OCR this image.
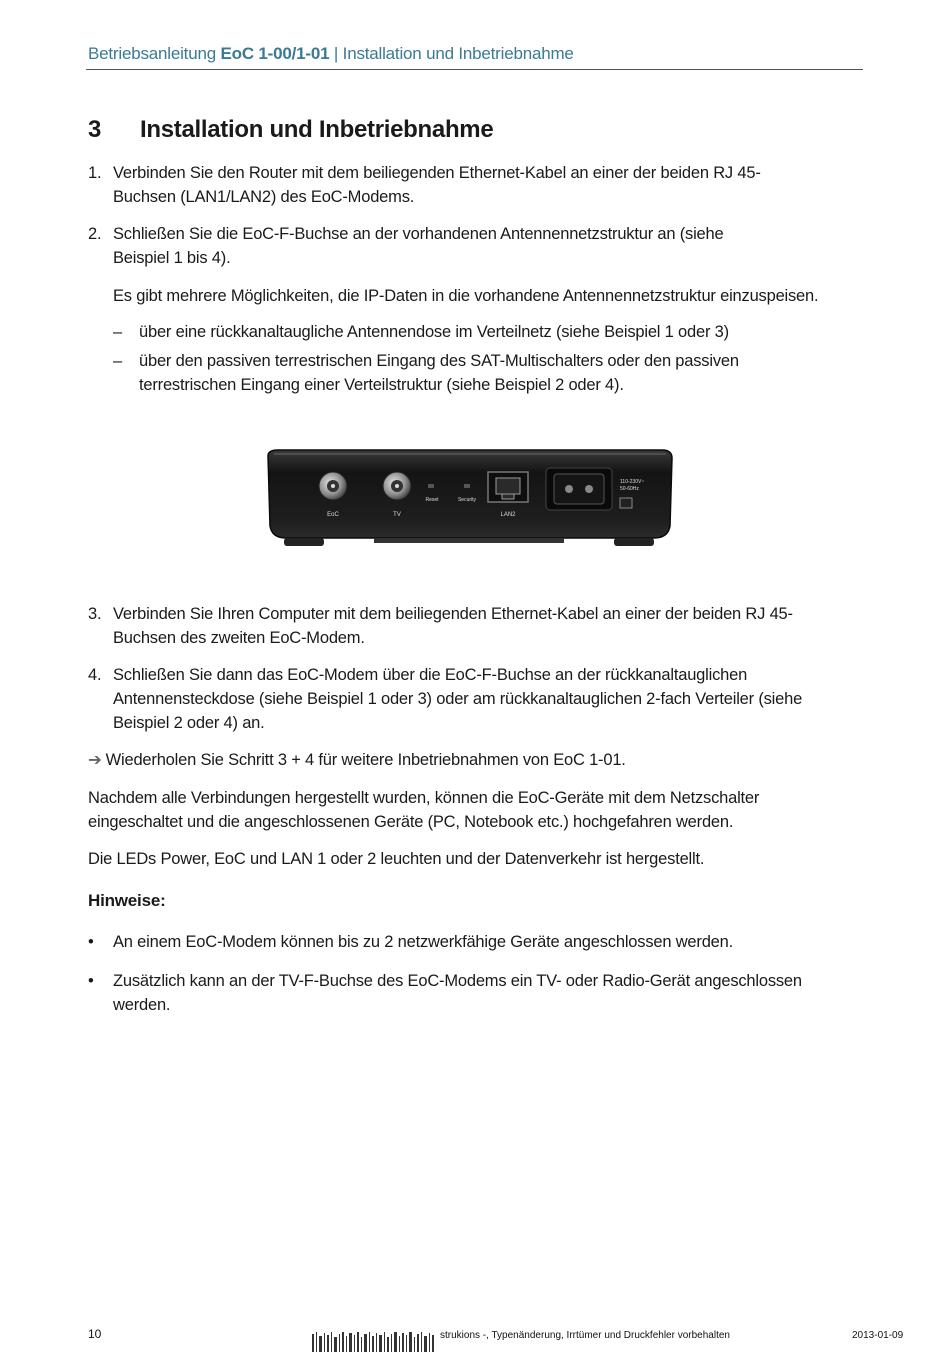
Betriebsanleitung EoC 1-00/1-01 | Installation und Inbetriebnahme
3 Installation und Inbetriebnahme
1. Verbinden Sie den Router mit dem beiliegenden Ethernet-Kabel an einer der beiden RJ 45-Buchsen (LAN1/LAN2) des EoC-Modems.
2. Schließen Sie die EoC-F-Buchse an der vorhandenen Antennennetzstruktur an (siehe Beispiel 1 bis 4).
Es gibt mehrere Möglichkeiten, die IP-Daten in die vorhandene Antennennetzstruktur einzuspeisen.
– über eine rückkanaltaugliche Antennendose im Verteilnetz (siehe Beispiel 1 oder 3)
– über den passiven terrestrischen Eingang des SAT-Multischalters oder den passiven terrestrischen Eingang einer Verteilstruktur (siehe Beispiel 2 oder 4).
EoC	TV
Reset	Security
LAN2
110-230V~
50-60Hz
3. Verbinden Sie Ihren Computer mit dem beiliegenden Ethernet-Kabel an einer der beiden RJ 45-Buchsen des zweiten EoC-Modem.
4. Schließen Sie dann das EoC-Modem über die EoC-F-Buchse an der rückkanaltauglichen Antennensteckdose (siehe Beispiel 1 oder 3) oder am rückkanaltauglichen 2-fach Verteiler (siehe Beispiel 2 oder 4) an.
➔ Wiederholen Sie Schritt 3 + 4 für weitere Inbetriebnahmen von EoC 1-01.
Nachdem alle Verbindungen hergestellt wurden, können die EoC-Geräte mit dem Netzschalter eingeschaltet und die angeschlossenen Geräte (PC, Notebook etc.) hochgefahren werden.
Die LEDs Power, EoC und LAN 1 oder 2 leuchten und der Datenverkehr ist hergestellt.
Hinweise:
• An einem EoC-Modem können bis zu 2 netzwerkfähige Geräte angeschlossen werden.
• Zusätzlich kann an der TV-F-Buchse des EoC-Modems ein TV- oder Radio-Gerät angeschlossen werden.
10	strukions -, Typenänderung, Irrtümer und Druckfehler vorbehalten	2013-01-09
